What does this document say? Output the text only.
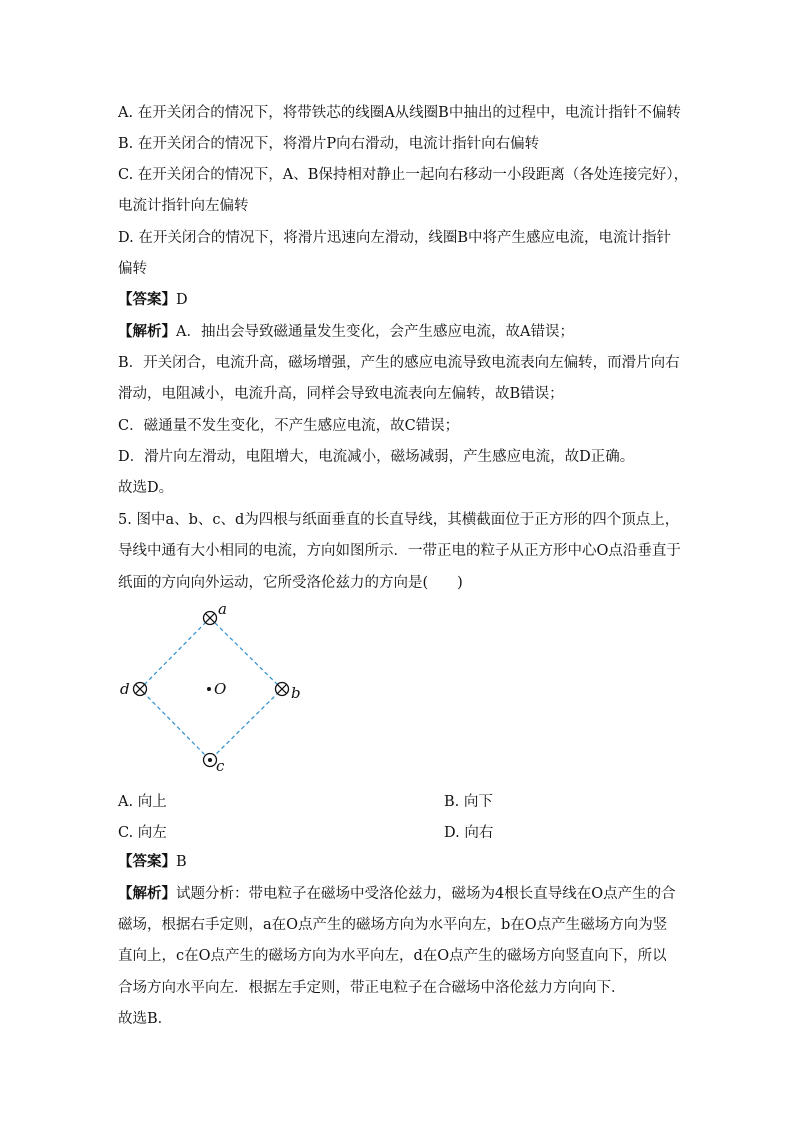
A. 在开关闭合的情况下，将带铁芯的线圈A从线圈B中抽出的过程中，电流计指针不偏转
B. 在开关闭合的情况下，将滑片P向右滑动，电流计指针向右偏转
C. 在开关闭合的情况下，A、B保持相对静止一起向右移动一小段距离（各处连接完好），
电流计指针向左偏转
D. 在开关闭合的情况下，将滑片迅速向左滑动，线圈B中将产生感应电流，电流计指针
偏转
【答案】D
【解析】A．抽出会导致磁通量发生变化，会产生感应电流，故A错误；
B．开关闭合，电流升高，磁场增强，产生的感应电流导致电流表向左偏转，而滑片向右
滑动，电阻减小，电流升高，同样会导致电流表向左偏转，故B错误；
C．磁通量不发生变化，不产生感应电流，故C错误；
D．滑片向左滑动，电阻增大，电流减小，磁场减弱，产生感应电流，故D正确。
故选D。
5. 图中a、b、c、d为四根与纸面垂直的长直导线，其横截面位于正方形的四个顶点上，
导线中通有大小相同的电流，方向如图所示．一带正电的粒子从正方形中心O点沿垂直于
纸面的方向向外运动，它所受洛伦兹力的方向是(　　)
a
b
c
d	O
A. 向上	B. 向下
C. 向左	D. 向右
【答案】B
【解析】试题分析：带电粒子在磁场中受洛伦兹力，磁场为4根长直导线在O点产生的合
磁场，根据右手定则，a在O点产生的磁场方向为水平向左，b在O点产生磁场方向为竖
直向上，c在O点产生的磁场方向为水平向左，d在O点产生的磁场方向竖直向下，所以
合场方向水平向左．根据左手定则，带正电粒子在合磁场中洛伦兹力方向向下．
故选B．
